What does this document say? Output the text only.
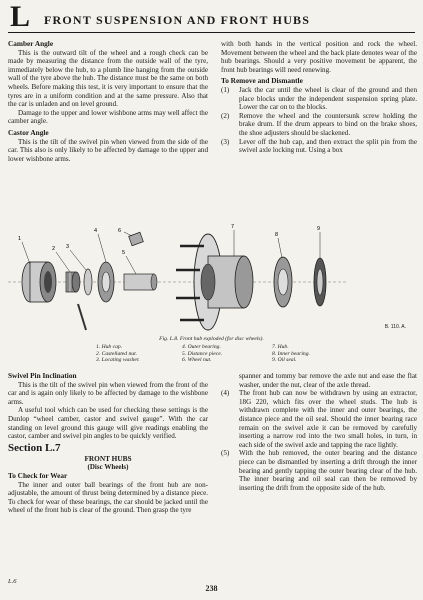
L FRONT SUSPENSION AND FRONT HUBS

Camber Angle

This is the outward tilt of the wheel and a rough check can be made by measuring the distance from the outside wall of the tyre, immediately below the hub, to a plumb line hanging from the outside wall of the tyre above the hub. The distance must be the same on both wheels. Before making this test, it is very important to ensure that the tyres are in a uniform condition and at the same pressure. Also that the car is unladen and on level ground.

Damage to the upper and lower wishbone arms may well affect the camber angle.

Castor Angle

This is the tilt of the swivel pin when viewed from the side of the car. This also is only likely to be affected by damage to the upper and lower wishbone arms.

with both hands in the vertical position and rock the wheel. Movement between the wheel and the back plate denotes wear of the hub bearings. Should a very positive movement be apparent, the front hub bearings will need renewing.

To Remove and Dismantle

(1) Jack the car until the wheel is clear of the ground and then place blocks under the independent suspension spring plate. Lower the car on to the blocks.
(2) Remove the wheel and the countersunk screw holding the brake drum. If the drum appears to bind on the brake shoes, the shoe adjusters should be slackened.
(3) Lever off the hub cap, and then extract the split pin from the swivel axle locking nut. Using a box
1
2 3
4
5
6
7
8
9
B. 110. A.
Fig. L.8. Front hub exploded (for disc wheels).
1. Hub cap.
2. Castellated nut.
3. Locating washer.
4. Outer bearing.
5. Distance piece.
6. Wheel nut.
7. Hub.
8. Inner bearing.
9. Oil seal.

Swivel Pin Inclination

This is the tilt of the swivel pin when viewed from the front of the car and is again only likely to be affected by damage to the wishbone arms.

A useful tool which can be used for checking these settings is the Dunlop “wheel camber, castor and swivel gauge”. With the car standing on level ground this gauge will give readings enabling the castor, camber and swivel pin angles to be quickly verified.

Section L.7

FRONT HUBS

(Disc Wheels)

To Check for Wear

The inner and outer ball bearings of the front hub are non-adjustable, the amount of thrust being determined by a distance piece. To check for wear of these bearings, the car should be jacked until the wheel of the front hub is clear of the ground. Then grasp the tyre

spanner and tommy bar remove the axle nut and ease the flat washer, under the nut, clear of the axle thread.

(4) The front hub can now be withdrawn by using an extractor, 18G 220, which fits over the wheel studs. The hub is withdrawn complete with the inner and outer bearings, the distance piece and the oil seal. Should the inner bearing race remain on the swivel axle it can be removed by carefully inserting a narrow rod into the two small holes, in turn, in each side of the swivel axle and tapping the race lightly.
(5) With the hub removed, the outer bearing and the distance piece can be dismantled by inserting a drift through the inner bearing and gently tapping the outer bearing clear of the hub. The inner bearing and oil seal can then be removed by inserting the drift from the opposite side of the hub.
L.6
238
